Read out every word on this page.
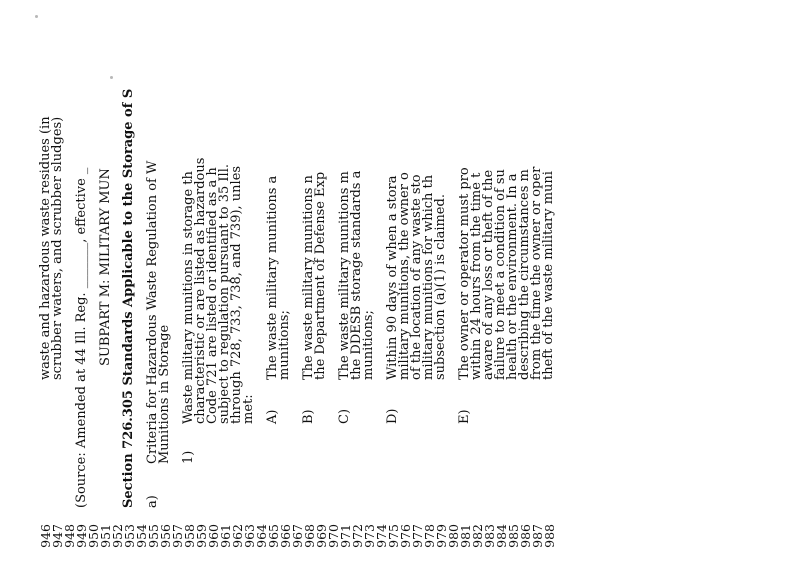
946
947
948
949
950
951
952
953
954
955
956
957
958
959
960
961
962
963
964
965
966
967
968
969
970
971
972
973
974
975
976
977
978
979
980
981
982
983
984
985
986
987
988
waste and hazardous waste residues (in
scrubber waters, and scrubber sludges) (Source: Amended at 44 Ill. Reg. _______, effective _ SUBPART M: MILITARY MUN Section 726.305 Standards Applicable to the Storage of S a)
Criteria for Hazardous Waste Regulation of W
Munitions in Storage 1)
Waste military munitions in storage th
characteristic or are listed as hazardous
Code 721 are listed or identified as a h
subject to regulation pursuant to 35 Ill.
through 728, 733, 738, and 739), unles
met: A)
The waste military munitions a
munitions;
B)
The waste military munitions n
the Department of Defense Exp
C)
The waste military munitions m
the DDESB storage standards a
munitions;
D)
Within 90 days of when a stora
military munitions, the owner o
of the location of any waste sto
military munitions for which th
subsection (a)(1) is claimed.
E)
The owner or operator must pro
within 24 hours from the time t
aware of any loss or theft of the
failure to meet a condition of su
health or the environment. In a
describing the circumstances m
from the time the owner or oper
theft of the waste military muni
